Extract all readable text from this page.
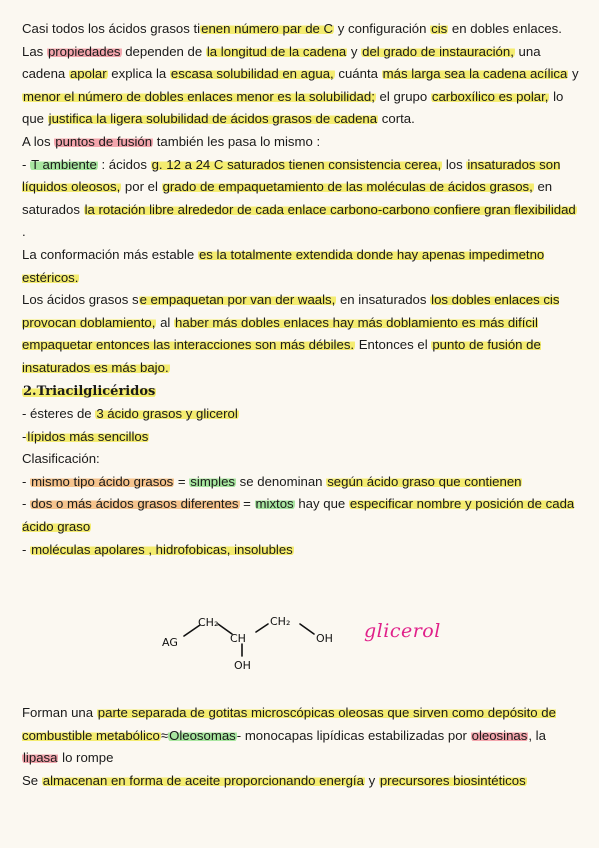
Casi todos los ácidos grasos tienen número par de C y configuración cis en dobles enlaces.

Las propiedades dependen de la longitud de la cadena y del grado de instauración, una cadena apolar explica la escasa solubilidad en agua, cuánta más larga sea la cadena acílica y menor el número de dobles enlaces menor es la solubilidad; el grupo carboxílico es polar, lo que justifica la ligera solubilidad de ácidos grasos de cadena corta.

A los puntos de fusión también les pasa lo mismo :

- T ambiente : ácidos g. 12 a 24 C saturados tienen consistencia cerea, los insaturados son líquidos oleosos, por el grado de empaquetamiento de las moléculas de ácidos grasos, en saturados la rotación libre alrededor de cada enlace carbono-carbono confiere gran flexibilidad .

La conformación más estable es la totalmente extendida donde hay apenas impedimetno estéricos.

Los ácidos grasos se empaquetan por van der waals, en insaturados los dobles enlaces cis provocan doblamiento, al haber más dobles enlaces hay más doblamiento es más difícil empaquetar entonces las interacciones son más débiles. Entonces el punto de fusión de insaturados es más bajo.

2.Triacilglicéridos

- ésteres de 3 ácido grasos y glicerol

-lípidos más sencillos

Clasificación:

- mismo tipo ácido grasos = simples se denominan según ácido graso que contienen

- dos o más ácidos grasos diferentes = mixtos hay que especificar nombre y posición de cada ácido graso

- moléculas apolares , hidrofobicas, insolubles

AG
CH₂
CH
CH₂
OH
OH
glicerol

Forman una parte separada de gotitas microscópicas oleosas que sirven como depósito de combustible metabólico≈Oleosomas- monocapas lipídicas estabilizadas por oleosinas, la lipasa lo rompe

Se almacenan en forma de aceite proporcionando energía y precursores biosintéticos
